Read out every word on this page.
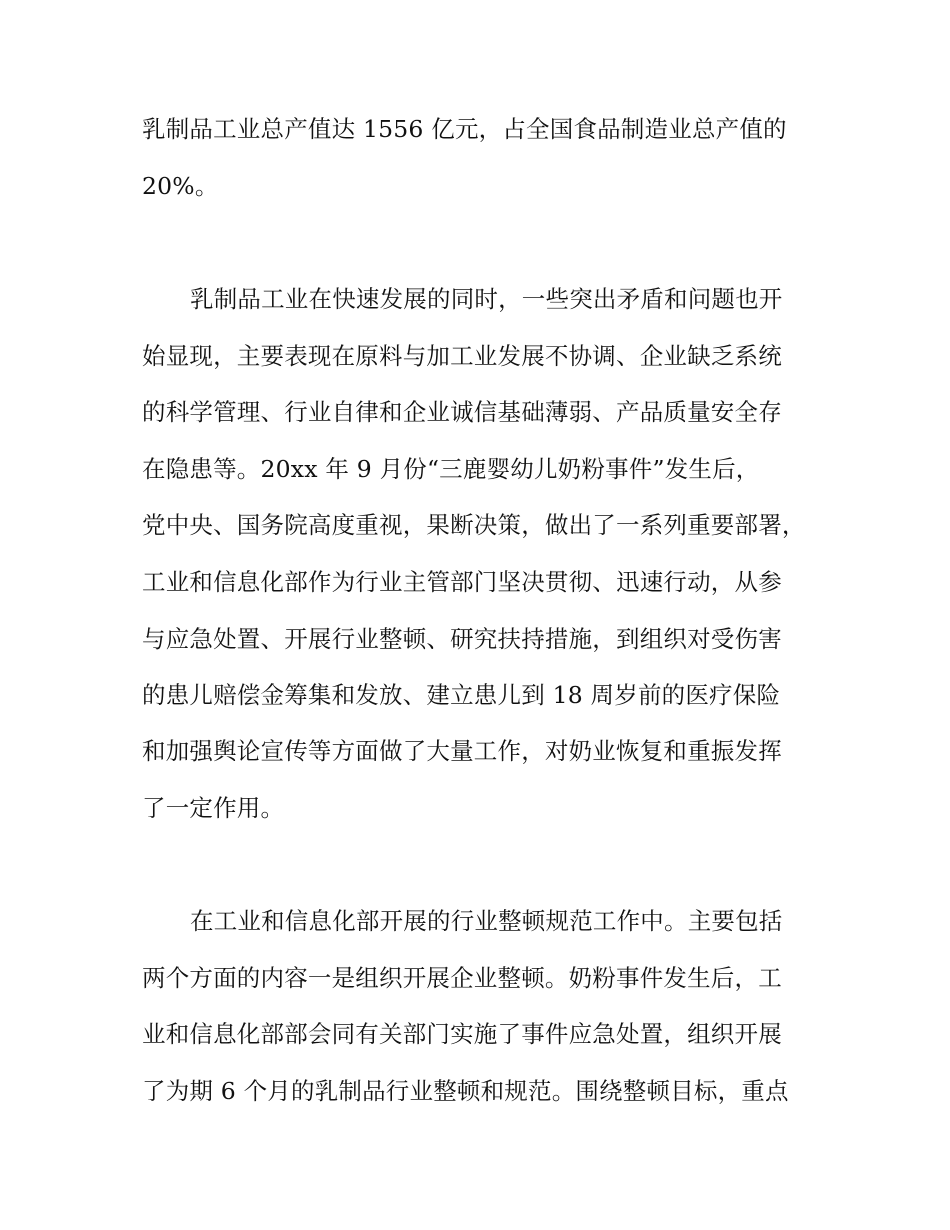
乳制品工业总产值达 1556 亿元，占全国食品制造业总产值的
20%。
乳制品工业在快速发展的同时，一些突出矛盾和问题也开
始显现，主要表现在原料与加工业发展不协调、企业缺乏系统
的科学管理、行业自律和企业诚信基础薄弱、产品质量安全存
在隐患等。20xx 年 9 月份“三鹿婴幼儿奶粉事件”发生后，
党中央、国务院高度重视，果断决策，做出了一系列重要部署，
工业和信息化部作为行业主管部门坚决贯彻、迅速行动，从参
与应急处置、开展行业整顿、研究扶持措施，到组织对受伤害
的患儿赔偿金筹集和发放、建立患儿到 18 周岁前的医疗保险
和加强舆论宣传等方面做了大量工作，对奶业恢复和重振发挥
了一定作用。
在工业和信息化部开展的行业整顿规范工作中。主要包括
两个方面的内容一是组织开展企业整顿。奶粉事件发生后，工
业和信息化部部会同有关部门实施了事件应急处置，组织开展
了为期 6 个月的乳制品行业整顿和规范。围绕整顿目标，重点
